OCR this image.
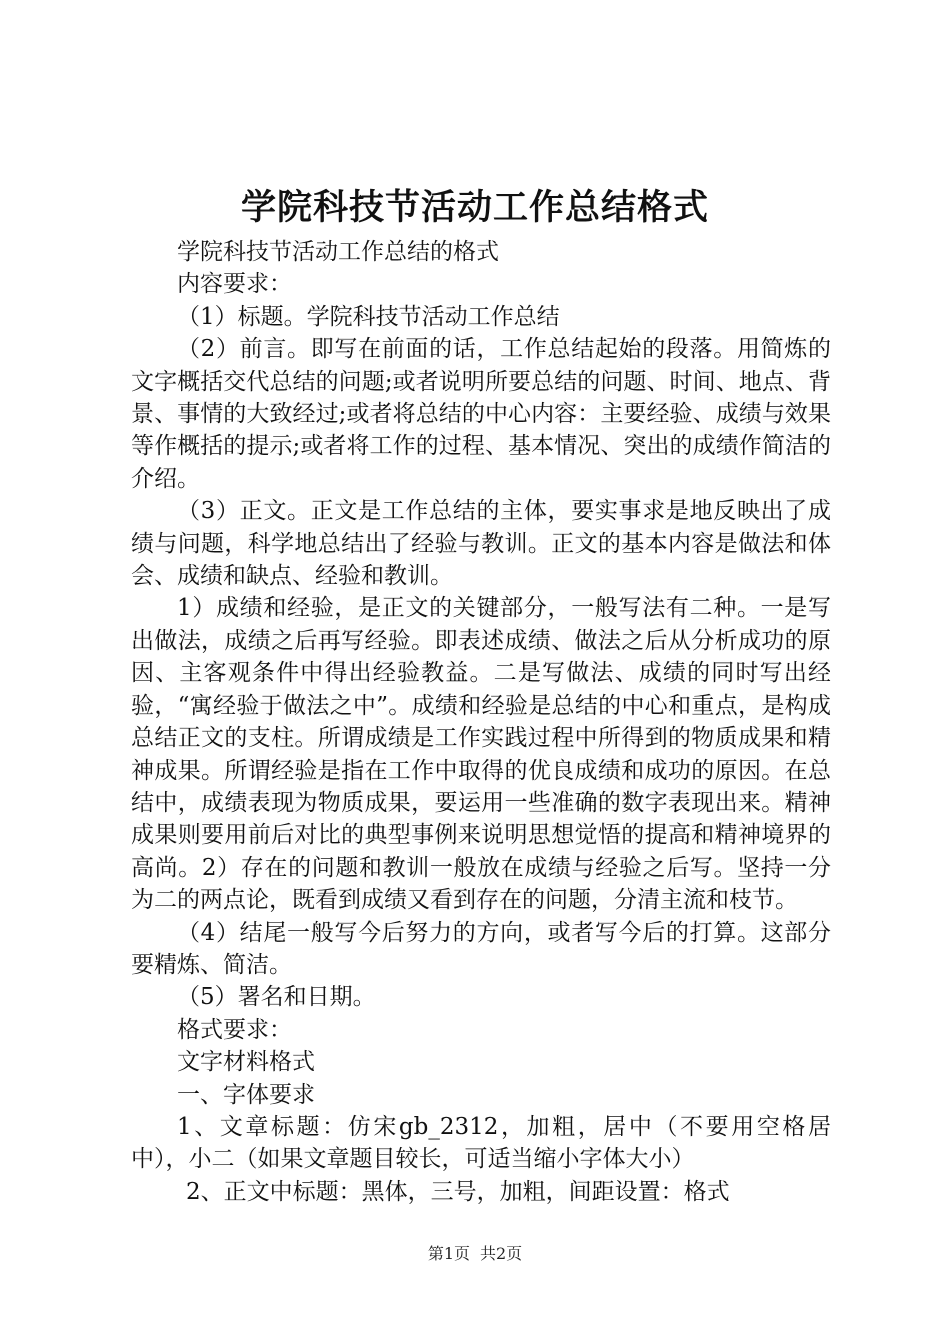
学院科技节活动工作总结格式

学院科技节活动工作总结的格式

内容要求：

（1）标题。学院科技节活动工作总结

（2）前言。即写在前面的话，工作总结起始的段落。用简炼的文字概括交代总结的问题;或者说明所要总结的问题、时间、地点、背景、事情的大致经过;或者将总结的中心内容：主要经验、成绩与效果等作概括的提示;或者将工作的过程、基本情况、突出的成绩作简洁的介绍。

（3）正文。正文是工作总结的主体，要实事求是地反映出了成绩与问题，科学地总结出了经验与教训。正文的基本内容是做法和体会、成绩和缺点、经验和教训。

1）成绩和经验，是正文的关键部分，一般写法有二种。一是写出做法，成绩之后再写经验。即表述成绩、做法之后从分析成功的原因、主客观条件中得出经验教益。二是写做法、成绩的同时写出经验，“寓经验于做法之中”。成绩和经验是总结的中心和重点，是构成总结正文的支柱。所谓成绩是工作实践过程中所得到的物质成果和精神成果。所谓经验是指在工作中取得的优良成绩和成功的原因。在总结中，成绩表现为物质成果，要运用一些准确的数字表现出来。精神成果则要用前后对比的典型事例来说明思想觉悟的提高和精神境界的高尚。2）存在的问题和教训一般放在成绩与经验之后写。坚持一分为二的两点论，既看到成绩又看到存在的问题，分清主流和枝节。

（4）结尾一般写今后努力的方向，或者写今后的打算。这部分要精炼、简洁。

（5）署名和日期。

格式要求：

文字材料格式

一、字体要求

1、文章标题：仿宋gb_2312，加粗，居中（不要用空格居中），小二（如果文章题目较长，可适当缩小字体大小）

2、正文中标题：黑体，三号，加粗，间距设置：格式

第1页 共2页
